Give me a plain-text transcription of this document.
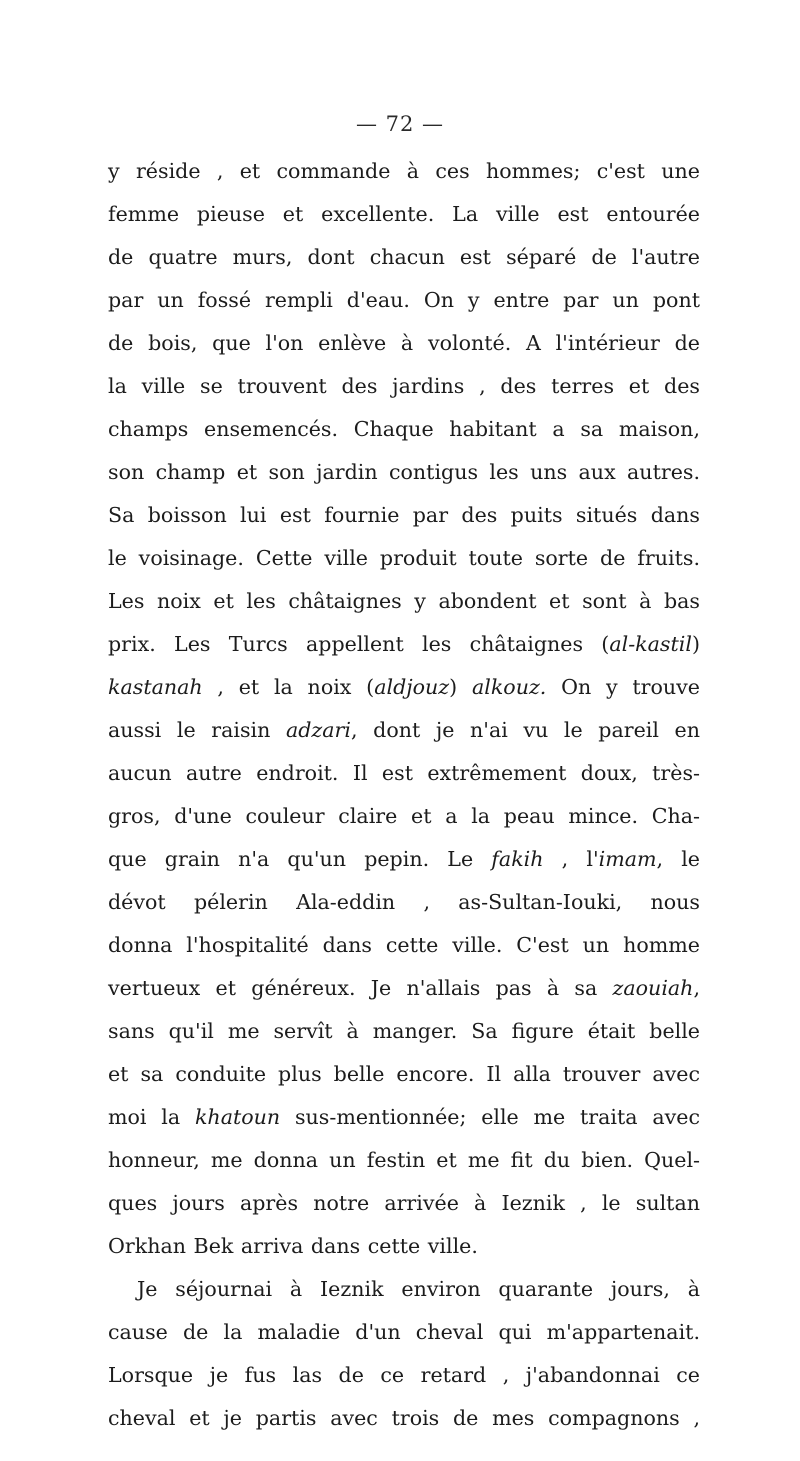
— 72 —
y réside , et commande à ces hommes; c'est une
femme pieuse et excellente. La ville est entourée
de quatre murs, dont chacun est séparé de l'autre
par un fossé rempli d'eau. On y entre par un pont
de bois, que l'on enlève à volonté. A l'intérieur de
la ville se trouvent des jardins , des terres et des
champs ensemencés. Chaque habitant a sa maison,
son champ et son jardin contigus les uns aux autres.
Sa boisson lui est fournie par des puits situés dans
le voisinage. Cette ville produit toute sorte de fruits.
Les noix et les châtaignes y abondent et sont à bas
prix. Les Turcs appellent les châtaignes (al-kastil)
kastanah , et la noix (aldjouz) alkouz. On y trouve
aussi le raisin adzari, dont je n'ai vu le pareil en
aucun autre endroit. Il est extrêmement doux, très-
gros, d'une couleur claire et a la peau mince. Cha-
que grain n'a qu'un pepin. Le fakih , l'imam, le
dévot pélerin Ala-eddin , as-Sultan-Iouki, nous
donna l'hospitalité dans cette ville. C'est un homme
vertueux et généreux. Je n'allais pas à sa zaouiah,
sans qu'il me servît à manger. Sa figure était belle
et sa conduite plus belle encore. Il alla trouver avec
moi la khatoun sus-mentionnée; elle me traita avec
honneur, me donna un festin et me fit du bien. Quel-
ques jours après notre arrivée à Ieznik , le sultan
Orkhan Bek arriva dans cette ville.
Je séjournai à Ieznik environ quarante jours, à
cause de la maladie d'un cheval qui m'appartenait.
Lorsque je fus las de ce retard , j'abandonnai ce
cheval et je partis avec trois de mes compagnons ,
